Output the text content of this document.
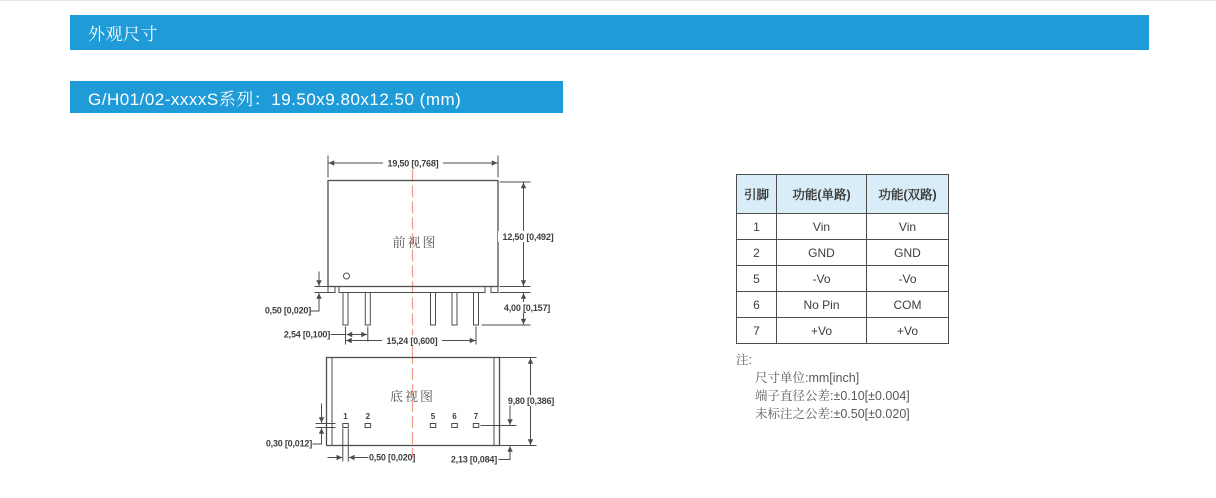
外观尺寸
G/H01/02-xxxxS系列：19.50x9.80x12.50 (mm)
前视图
19,50 [0,768]
12,50 [0,492]
4,00 [0,157]
0,50 [0,020]
2,54 [0,100]
15,24 [0,600]
底视图
1 2	5 6 7
9,80 [0,386]
0,30 [0,012]
0,50 [0,020]	2,13 [0,084]
引脚	功能(单路)	功能(双路)
1	Vin	Vin
2	GND	GND
5	-Vo	-Vo
6	No Pin	COM
7	+Vo	+Vo
注:
尺寸单位:mm[inch]
端子直径公差:±0.10[±0.004]
未标注之公差:±0.50[±0.020]
